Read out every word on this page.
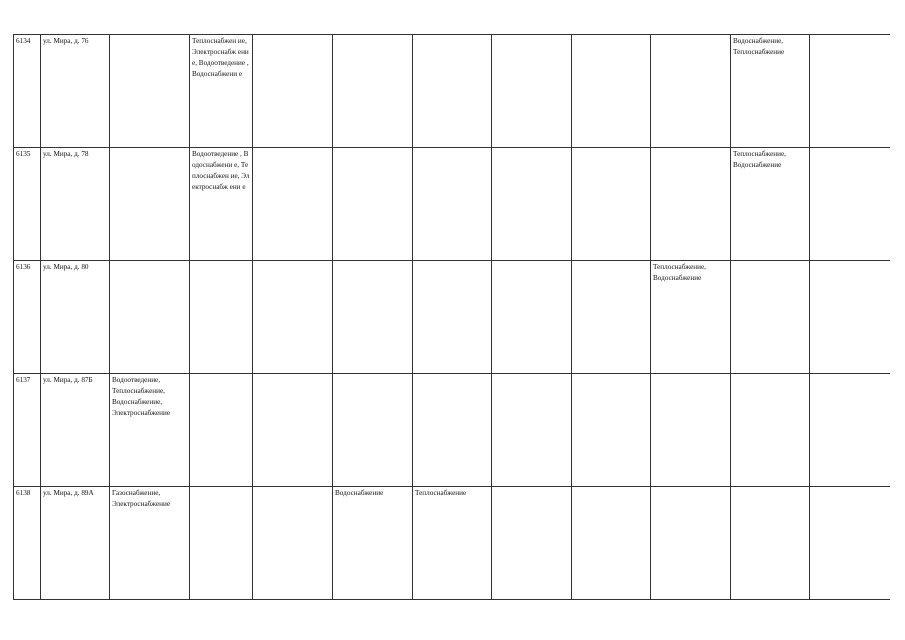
6134	ул. Мира, д. 76		Теплоснабжен ие, Электроснабж ени е, Водоотведение , Водоснабжени е							Водоснабжение, Теплоснабжение	
6135	ул. Мира, д. 78		Водоотведение , Водоснабжени е, Теплоснабжен ие, Электроснабж ени е							Теплоснабжение, Водоснабжение	
6136	ул. Мира, д. 80								Теплоснабжение, Водоснабжение		
6137	ул. Мира, д. 87Б	Водоотведение, Теплоснабжение, Водоснабжение, Электроснабжение									
6138	ул. Мира, д. 89А	Газоснабжение, Электроснабжение			Водоснабжение	Теплоснабжение					
